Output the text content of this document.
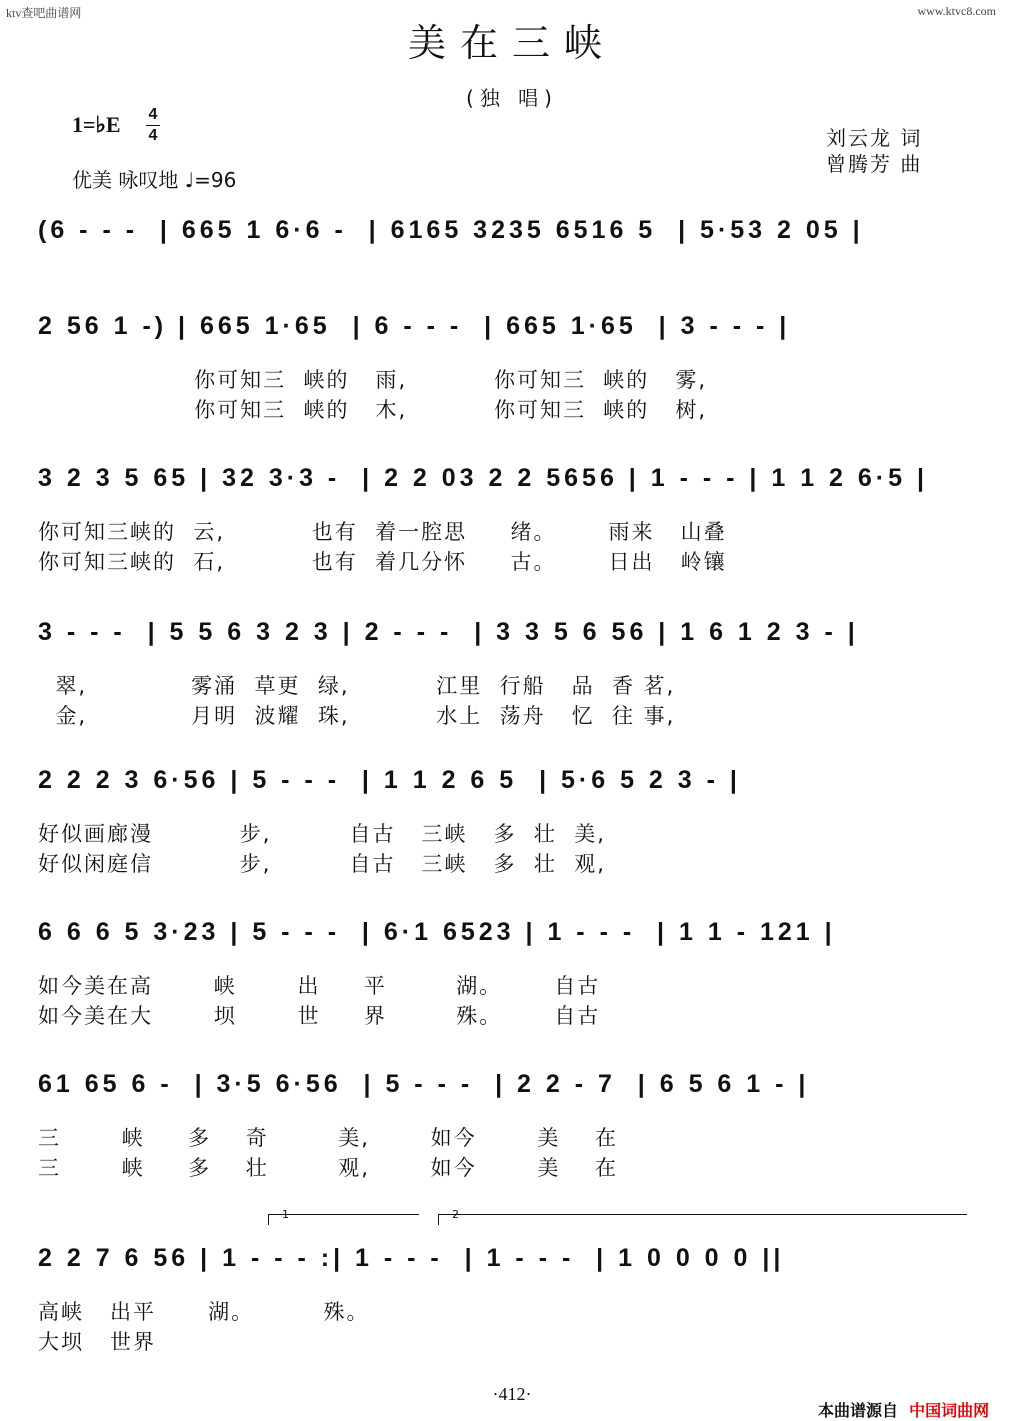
ktv查吧曲谱网	www.ktvc8.com
美在三峡
(独 唱)
1=♭E 4
4
优美 咏叹地 ♩=96
刘云龙 词
曾腾芳 曲
(6 - - -  | 665 1 6·6 -  | 6165 3235 6516 5  | 5·53 2 05 |
2 56 1 -) | 665 1·65  | 6 - - -  | 665 1·65  | 3 - - - |
你可知三  峡的   雨,          你可知三  峡的   雾,
你可知三  峡的   木,          你可知三  峡的   树,
3 2 3 5 65 | 32 3·3 -  | 2 2 03 2 2 5656 | 1 - - - | 1 1 2 6·5 |
你可知三峡的  云,          也有  着一腔思     绪。      雨来   山叠
你可知三峡的  石,          也有  着几分怀     古。      日出   岭镶
3 - - -  | 5 5 6 3 2 3 | 2 - - -  | 3 3 5 6 56 | 1 6 1 2 3 - |
翠,            雾涌  草更  绿,          江里  行船   品  香 茗,
金,            月明  波耀  珠,          水上  荡舟   忆  往 事,
2 2 2 3 6·56 | 5 - - -  | 1 1 2 6 5  | 5·6 5 2 3 - |
好似画廊漫          步,         自古   三峡   多  壮  美,
好似闲庭信          步,         自古   三峡   多  壮  观,
6 6 6 5 3·23 | 5 - - -  | 6·1 6523 | 1 - - -  | 1 1 - 121 |
如今美在高       峡       出     平        湖。      自古
如今美在大       坝       世     界        殊。      自古
61 65 6 -  | 3·5 6·56  | 5 - - -  | 2 2 - 7  | 6 5 6 1 - |
三       峡     多    奇        美,       如今       美    在
三       峡     多    壮        观,       如今       美    在
2 2 7 6 56 | 1 - - - :| 1 - - -  | 1 - - -  | 1 0 0 0 0 ||
高峡   出平      湖。        殊。
大坝   世界
1	2
·412·
本曲谱源自 中国词曲网
